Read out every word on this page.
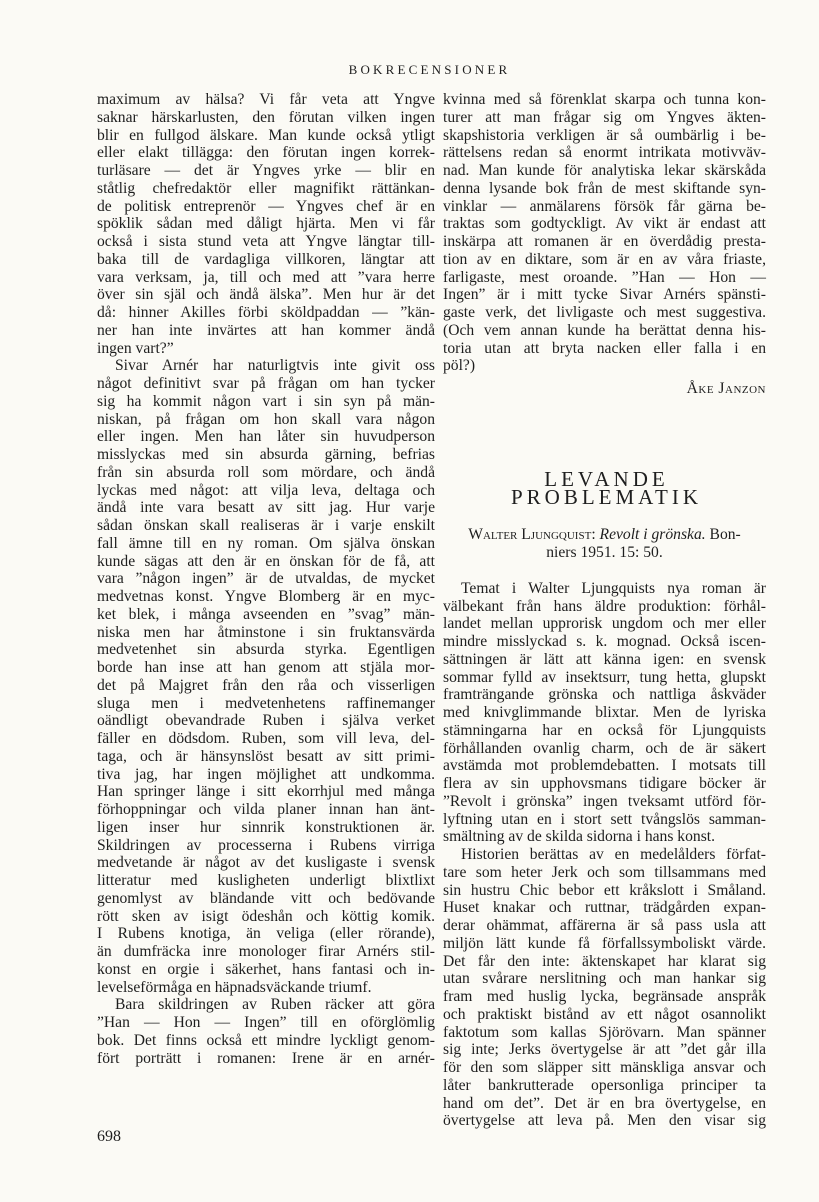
BOKRECENSIONER
maximum av hälsa? Vi får veta att Yngve
saknar härskarlusten, den förutan vilken ingen
blir en fullgod älskare. Man kunde också ytligt
eller elakt tillägga: den förutan ingen korrek-
turläsare — det är Yngves yrke — blir en
ståtlig chefredaktör eller magnifikt rättänkan-
de politisk entreprenör — Yngves chef är en
spöklik sådan med dåligt hjärta. Men vi får
också i sista stund veta att Yngve längtar till-
baka till de vardagliga villkoren, längtar att
vara verksam, ja, till och med att ”vara herre
över sin själ och ändå älska”. Men hur är det
då: hinner Akilles förbi sköldpaddan — ”kän-
ner han inte invärtes att han kommer ändå
ingen vart?”
Sivar Arnér har naturligtvis inte givit oss
något definitivt svar på frågan om han tycker
sig ha kommit någon vart i sin syn på män-
niskan, på frågan om hon skall vara någon
eller ingen. Men han låter sin huvudperson
misslyckas med sin absurda gärning, befrias
från sin absurda roll som mördare, och ändå
lyckas med något: att vilja leva, deltaga och
ändå inte vara besatt av sitt jag. Hur varje
sådan önskan skall realiseras är i varje enskilt
fall ämne till en ny roman. Om själva önskan
kunde sägas att den är en önskan för de få, att
vara ”någon ingen” är de utvaldas, de mycket
medvetnas konst. Yngve Blomberg är en myc-
ket blek, i många avseenden en ”svag” män-
niska men har åtminstone i sin fruktansvärda
medvetenhet sin absurda styrka. Egentligen
borde han inse att han genom att stjäla mor-
det på Majgret från den råa och visserligen
sluga men i medvetenhetens raffinemanger
oändligt obevandrade Ruben i själva verket
fäller en dödsdom. Ruben, som vill leva, del-
taga, och är hänsynslöst besatt av sitt primi-
tiva jag, har ingen möjlighet att undkomma.
Han springer länge i sitt ekorrhjul med många
förhoppningar och vilda planer innan han änt-
ligen inser hur sinnrik konstruktionen är.
Skildringen av processerna i Rubens virriga
medvetande är något av det kusligaste i svensk
litteratur med kusligheten underligt blixtlixt
genomlyst av bländande vitt och bedövande
rött sken av isigt ödeshån och köttig komik.
I Rubens knotiga, än veliga (eller rörande),
än dumfräcka inre monologer firar Arnérs stil-
konst en orgie i säkerhet, hans fantasi och in-
levelseförmåga en häpnadsväckande triumf.
Bara skildringen av Ruben räcker att göra
”Han — Hon — Ingen” till en oförglömlig
bok. Det finns också ett mindre lyckligt genom-
fört porträtt i romanen: Irene är en arnér-
kvinna med så förenklat skarpa och tunna kon-
turer att man frågar sig om Yngves äkten-
skapshistoria verkligen är så oumbärlig i be-
rättelsens redan så enormt intrikata motivväv-
nad. Man kunde för analytiska lekar skärskåda
denna lysande bok från de mest skiftande syn-
vinklar — anmälarens försök får gärna be-
traktas som godtyckligt. Av vikt är endast att
inskärpa att romanen är en överdådig presta-
tion av en diktare, som är en av våra friaste,
farligaste, mest oroande. ”Han — Hon —
Ingen” är i mitt tycke Sivar Arnérs spänsti-
gaste verk, det livligaste och mest suggestiva.
(Och vem annan kunde ha berättat denna his-
toria utan att bryta nacken eller falla i en
pöl?)
Åke Janzon
LEVANDE PROBLEMATIK
Walter Ljungquist: Revolt i grönska. Bon-
niers 1951. 15: 50.
Temat i Walter Ljungquists nya roman är
välbekant från hans äldre produktion: förhål-
landet mellan upprorisk ungdom och mer eller
mindre misslyckad s. k. mognad. Också iscen-
sättningen är lätt att känna igen: en svensk
sommar fylld av insektsurr, tung hetta, glupskt
framträngande grönska och nattliga åskväder
med knivglimmande blixtar. Men de lyriska
stämningarna har en också för Ljungquists
förhållanden ovanlig charm, och de är säkert
avstämda mot problemdebatten. I motsats till
flera av sin upphovsmans tidigare böcker är
”Revolt i grönska” ingen tveksamt utförd för-
lyftning utan en i stort sett tvångslös samman-
smältning av de skilda sidorna i hans konst.
Historien berättas av en medelålders förfat-
tare som heter Jerk och som tillsammans med
sin hustru Chic bebor ett kråkslott i Småland.
Huset knakar och ruttnar, trädgården expan-
derar ohämmat, affärerna är så pass usla att
miljön lätt kunde få förfallssymboliskt värde.
Det får den inte: äktenskapet har klarat sig
utan svårare nerslitning och man hankar sig
fram med huslig lycka, begränsade anspråk
och praktiskt bistånd av ett något osannolikt
faktotum som kallas Sjörövarn. Man spänner
sig inte; Jerks övertygelse är att ”det går illa
för den som släpper sitt mänskliga ansvar och
låter bankrutterade opersonliga principer ta
hand om det”. Det är en bra övertygelse, en
övertygelse att leva på. Men den visar sig
698
